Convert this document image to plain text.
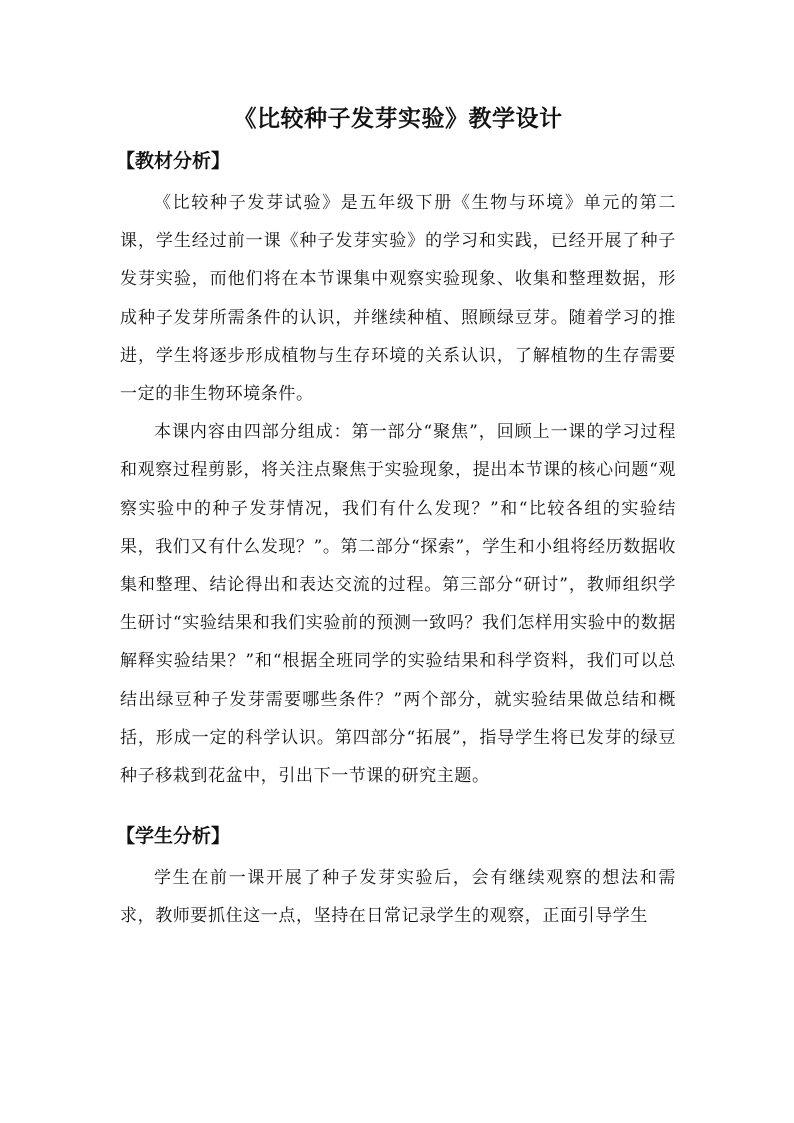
《比较种子发芽实验》教学设计
【教材分析】

《比较种子发芽试验》是五年级下册《生物与环境》单元的第二课，学生经过前一课《种子发芽实验》的学习和实践，已经开展了种子发芽实验，而他们将在本节课集中观察实验现象、收集和整理数据，形成种子发芽所需条件的认识，并继续种植、照顾绿豆芽。随着学习的推进，学生将逐步形成植物与生存环境的关系认识，了解植物的生存需要一定的非生物环境条件。

本课内容由四部分组成：第一部分“聚焦”，回顾上一课的学习过程和观察过程剪影，将关注点聚焦于实验现象，提出本节课的核心问题“观察实验中的种子发芽情况，我们有什么发现？”和“比较各组的实验结果，我们又有什么发现？”。第二部分“探索”，学生和小组将经历数据收集和整理、结论得出和表达交流的过程。第三部分“研讨”，教师组织学生研讨“实验结果和我们实验前的预测一致吗？我们怎样用实验中的数据解释实验结果？”和“根据全班同学的实验结果和科学资料，我们可以总结出绿豆种子发芽需要哪些条件？”两个部分，就实验结果做总结和概括，形成一定的科学认识。第四部分“拓展”，指导学生将已发芽的绿豆种子移栽到花盆中，引出下一节课的研究主题。

【学生分析】

学生在前一课开展了种子发芽实验后，会有继续观察的想法和需求，教师要抓住这一点，坚持在日常记录学生的观察，正面引导学生
